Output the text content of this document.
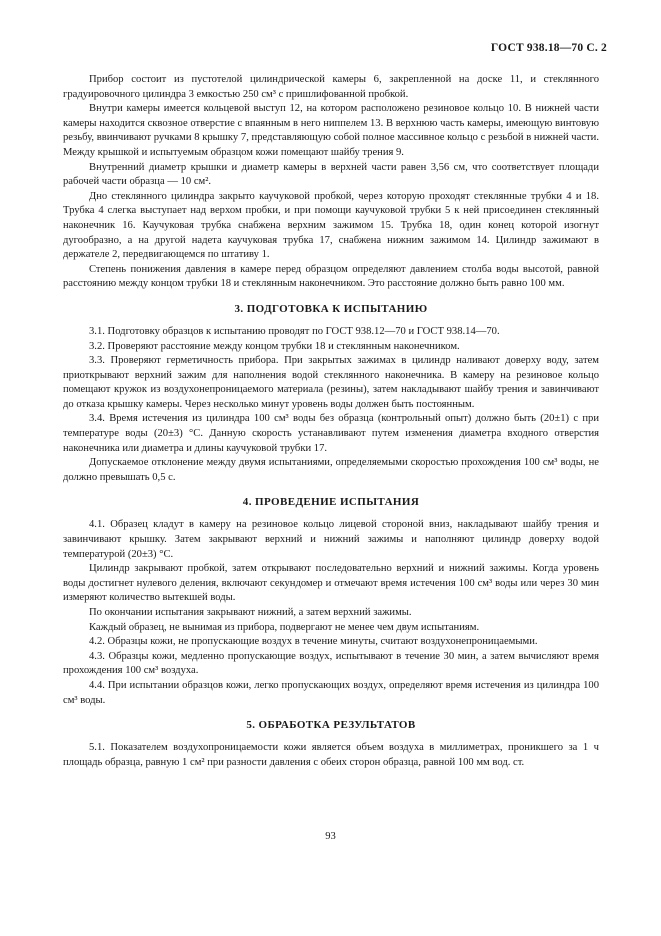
ГОСТ 938.18—70 С. 2

Прибор состоит из пустотелой цилиндрической камеры 6, закрепленной на доске 11, и стеклянного градуировочного цилиндра 3 емкостью 250 см³ с пришлифованной пробкой.

Внутри камеры имеется кольцевой выступ 12, на котором расположено резиновое кольцо 10. В нижней части камеры находится сквозное отверстие с впаянным в него ниппелем 13. В верхнюю часть камеры, имеющую винтовую резьбу, ввинчивают ручками 8 крышку 7, представляющую собой полное массивное кольцо с резьбой в нижней части. Между крышкой и испытуемым образцом кожи помещают шайбу трения 9.

Внутренний диаметр крышки и диаметр камеры в верхней части равен 3,56 см, что соответствует площади рабочей части образца — 10 см².

Дно стеклянного цилиндра закрыто каучуковой пробкой, через которую проходят стеклянные трубки 4 и 18. Трубка 4 слегка выступает над верхом пробки, и при помощи каучуковой трубки 5 к ней присоединен стеклянный наконечник 16. Каучуковая трубка снабжена верхним зажимом 15. Трубка 18, один конец которой изогнут дугообразно, а на другой надета каучуковая трубка 17, снабжена нижним зажимом 14. Цилиндр зажимают в держателе 2, передвигающемся по штативу 1.

Степень понижения давления в камере перед образцом определяют давлением столба воды высотой, равной расстоянию между концом трубки 18 и стеклянным наконечником. Это расстояние должно быть равно 100 мм.

3. ПОДГОТОВКА К ИСПЫТАНИЮ

3.1. Подготовку образцов к испытанию проводят по ГОСТ 938.12—70 и ГОСТ 938.14—70.

3.2. Проверяют расстояние между концом трубки 18 и стеклянным наконечником.

3.3. Проверяют герметичность прибора. При закрытых зажимах в цилиндр наливают доверху воду, затем приоткрывают верхний зажим для наполнения водой стеклянного наконечника. В камеру на резиновое кольцо помещают кружок из воздухонепроницаемого материала (резины), затем накладывают шайбу трения и завинчивают до отказа крышку камеры. Через несколько минут уровень воды должен быть постоянным.

3.4. Время истечения из цилиндра 100 см³ воды без образца (контрольный опыт) должно быть (20±1) с при температуре воды (20±3) °С. Данную скорость устанавливают путем изменения диаметра входного отверстия наконечника или диаметра и длины каучуковой трубки 17.

Допускаемое отклонение между двумя испытаниями, определяемыми скоростью прохождения 100 см³ воды, не должно превышать 0,5 с.

4. ПРОВЕДЕНИЕ ИСПЫТАНИЯ

4.1. Образец кладут в камеру на резиновое кольцо лицевой стороной вниз, накладывают шайбу трения и завинчивают крышку. Затем закрывают верхний и нижний зажимы и наполняют цилиндр доверху водой температурой (20±3) °С.

Цилиндр закрывают пробкой, затем открывают последовательно верхний и нижний зажимы. Когда уровень воды достигнет нулевого деления, включают секундомер и отмечают время истечения 100 см³ воды или через 30 мин измеряют количество вытекшей воды.

По окончании испытания закрывают нижний, а затем верхний зажимы.

Каждый образец, не вынимая из прибора, подвергают не менее чем двум испытаниям.

4.2. Образцы кожи, не пропускающие воздух в течение минуты, считают воздухонепроницаемыми.

4.3. Образцы кожи, медленно пропускающие воздух, испытывают в течение 30 мин, а затем вычисляют время прохождения 100 см³ воздуха.

4.4. При испытании образцов кожи, легко пропускающих воздух, определяют время истечения из цилиндра 100 см³ воды.

5. ОБРАБОТКА РЕЗУЛЬТАТОВ

5.1. Показателем воздухопроницаемости кожи является объем воздуха в миллиметрах, проникшего за 1 ч площадь образца, равную 1 см² при разности давления с обеих сторон образца, равной 100 мм вод. ст.

93
